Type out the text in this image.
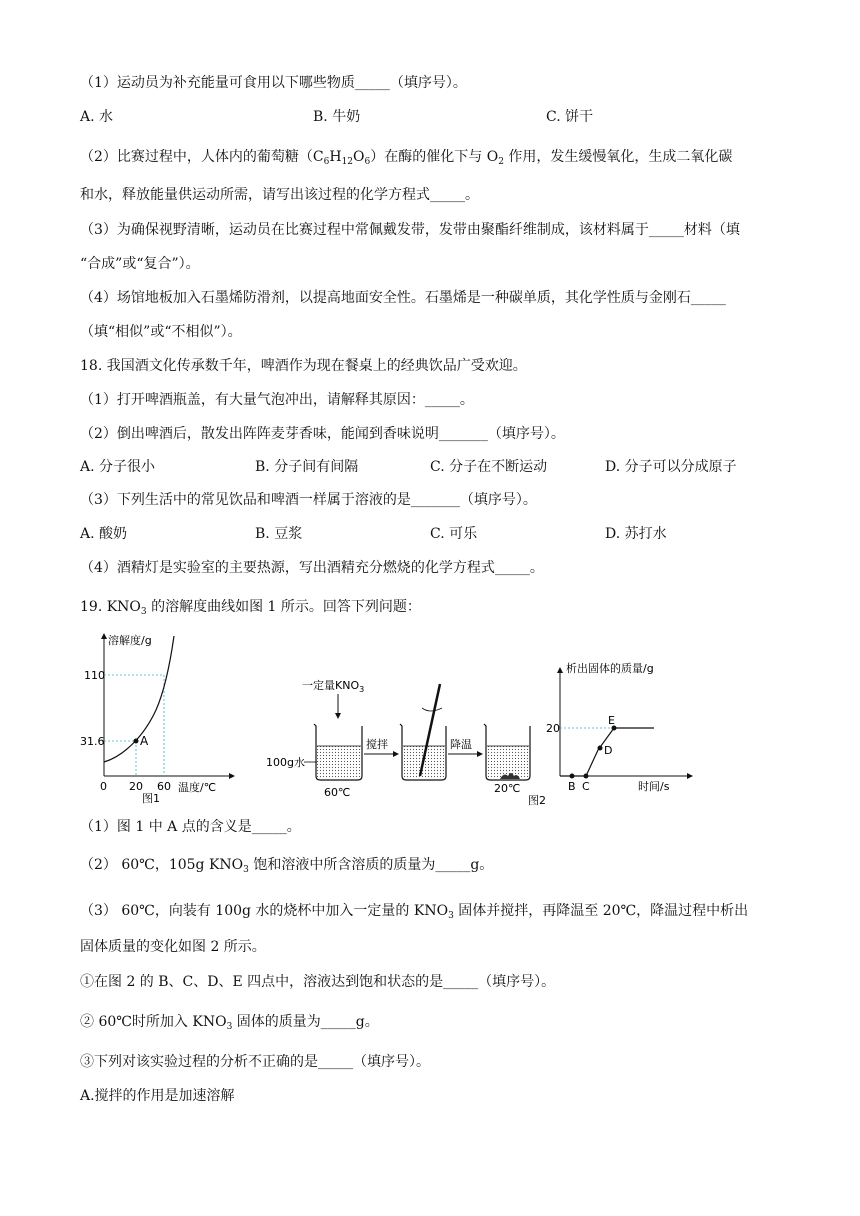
（1）运动员为补充能量可食用以下哪些物质_____（填序号）。
A. 水	B. 牛奶	C. 饼干
（2）比赛过程中，人体内的葡萄糖$(C_6H_{12}O_6)$在酶的催化下与 $O_2$ 作用，发生缓慢氧化，生成二氧化碳
和水，释放能量供运动所需，请写出该过程的化学方程式_____。
（3）为确保视野清晰，运动员在比赛过程中常佩戴发带，发带由聚酯纤维制成，该材料属于_____材料（填
“合成”或“复合”）。
（4）场馆地板加入石墨烯防滑剂，以提高地面安全性。石墨烯是一种碳单质，其化学性质与金刚石_____
（填“相似”或“不相似”）。
18. 我国酒文化传承数千年，啤酒作为现在餐桌上的经典饮品广受欢迎。
（1）打开啤酒瓶盖，有大量气泡冲出，请解释其原因：_____。
（2）倒出啤酒后，散发出阵阵麦芽香味，能闻到香味说明_______（填序号）。
A. 分子很小	B. 分子间有间隔	C. 分子在不断运动	D. 分子可以分成原子
（3）下列生活中的常见饮品和啤酒一样属于溶液的是_______（填序号）。
A. 酸奶	B. 豆浆	C. 可乐	D. 苏打水
（4）酒精灯是实验室的主要热源，写出酒精充分燃烧的化学方程式_____。
19. $KNO_3$ 的溶解度曲线如图 1 所示。回答下列问题：
溶解度/g
A
110
31.6
0 20 60 温度/℃
图1
一定量$KNO_3$
100g水
60℃
搅拌	降温
20℃
图2
析出固体的质量/g
20
B C
D
E
时间/s
（1）图 1 中 A 点的含义是_____。
（2） 60℃，105g $KNO_3$ 饱和溶液中所含溶质的质量为_____g。
（3） 60℃，向装有 100g 水的烧杯中加入一定量的 $KNO_3$ 固体并搅拌，再降温至 20℃，降温过程中析出
固体质量的变化如图 2 所示。
①在图 2 的 B、C、D、E 四点中，溶液达到饱和状态的是_____（填序号）。
② 60℃时所加入 $KNO_3$ 固体的质量为_____g。
③下列对该实验过程的分析不正确的是_____（填序号）。
A.搅拌的作用是加速溶解
